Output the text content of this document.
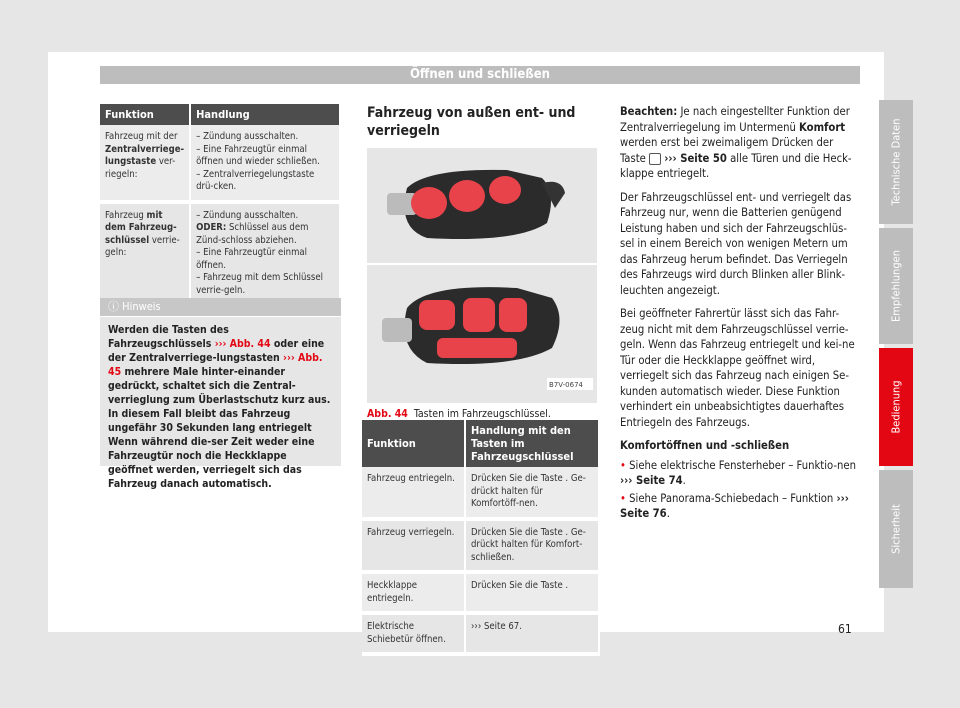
Öffnen und schließen
Technische Daten
Empfehlungen
Bedienung
Sicherheit
Funktion	Handlung
Fahrzeug mit der Zentralverriege-lungstaste ver-riegeln:	– Zündung ausschalten.
– Eine Fahrzeugtür einmal öffnen und wieder schließen.
– Zentralverriegelungstaste drü-cken.
Fahrzeug mit dem Fahrzeug-schlüssel verrie-geln:	– Zündung ausschalten.
ODER: Schlüssel aus dem Zünd-schloss abziehen.
– Eine Fahrzeugtür einmal öffnen.
– Fahrzeug mit dem Schlüssel verrie-geln.
ⓘ Hinweis
Werden die Tasten des Fahrzeugschlüssels ››› Abb. 44 oder eine der Zentralverriege-lungstasten ››› Abb. 45 mehrere Male hinter-einander gedrückt, schaltet sich die Zentral-verrieglung zum Überlastschutz kurz aus. In diesem Fall bleibt das Fahrzeug ungefähr 30 Sekunden lang entriegelt Wenn während die-ser Zeit weder eine Fahrzeugtür noch die Heckklappe geöffnet werden, verriegelt sich das Fahrzeug danach automatisch.
Fahrzeug von außen ent- und verriegeln
B7V-0674
Abb. 44 Tasten im Fahrzeugschlüssel.
Funktion	Handlung mit den Tasten im Fahrzeugschlüssel
Fahrzeug entriegeln.	Drücken Sie die Taste . Ge-drückt halten für Komfortöff-nen.
Fahrzeug verriegeln.	Drücken Sie die Taste . Ge-drückt halten für Komfort-schließen.
Heckklappe entriegeln.	Drücken Sie die Taste .
Elektrische Schiebetür öffnen.	››› Seite 67.

Beachten: Je nach eingestellter Funktion der Zentralverriegelung im Untermenü Komfort werden erst bei zweimaligem Drücken der Taste  ››› Seite 50 alle Türen und die Heck-klappe entriegelt.

Der Fahrzeugschlüssel ent- und verriegelt das Fahrzeug nur, wenn die Batterien genügend Leistung haben und sich der Fahrzeugschlüs-sel in einem Bereich von wenigen Metern um das Fahrzeug herum befindet. Das Verriegeln des Fahrzeugs wird durch Blinken aller Blink-leuchten angezeigt.

Bei geöffneter Fahrertür lässt sich das Fahr-zeug nicht mit dem Fahrzeugschlüssel verrie-geln. Wenn das Fahrzeug entriegelt und kei-ne Tür oder die Heckklappe geöffnet wird, verriegelt sich das Fahrzeug nach einigen Se-kunden automatisch wieder. Diese Funktion verhindert ein unbeabsichtigtes dauerhaftes Entriegeln des Fahrzeugs.

Komfortöffnen und -schließen

• Siehe elektrische Fensterheber – Funktio-nen ››› Seite 74.

• Siehe Panorama-Schiebedach – Funktion ››› Seite 76.

61
